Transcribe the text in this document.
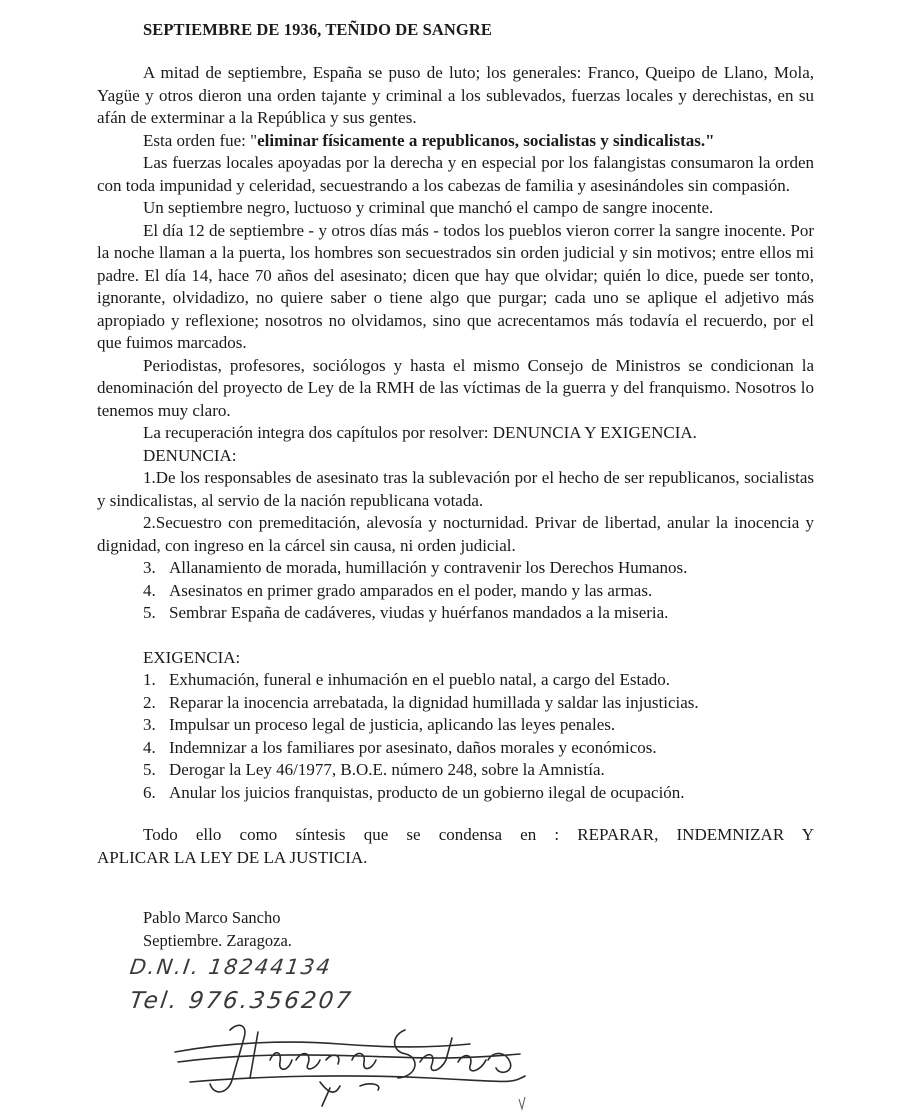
SEPTIEMBRE DE 1936, TEÑIDO DE SANGRE

A mitad de septiembre, España se puso de luto; los generales: Franco, Queipo de Llano, Mola, Yagüe y otros dieron una orden tajante y criminal a los sublevados, fuerzas locales y derechistas, en su afán de exterminar a la República y sus gentes.

Esta orden fue: "eliminar físicamente a republicanos, socialistas y sindicalistas."

Las fuerzas locales apoyadas por la derecha y en especial por los falangistas consumaron la orden con toda impunidad y celeridad, secuestrando a los cabezas de familia y asesinándoles sin compasión.

Un septiembre negro, luctuoso y criminal que manchó el campo de sangre inocente.

El día 12 de septiembre - y otros días más - todos los pueblos vieron correr la sangre inocente. Por la noche llaman a la puerta, los hombres son secuestrados sin orden judicial y sin motivos; entre ellos mi padre. El día 14, hace 70 años del asesinato; dicen que hay que olvidar; quién lo dice, puede ser tonto, ignorante, olvidadizo, no quiere saber o tiene algo que purgar; cada uno se aplique el adjetivo más apropiado y reflexione; nosotros no olvidamos, sino que acrecentamos más todavía el recuerdo, por el que fuimos marcados.

Periodistas, profesores, sociólogos y hasta el mismo Consejo de Ministros se condicionan la denominación del proyecto de Ley de la RMH de las víctimas de la guerra y del franquismo. Nosotros lo tenemos muy claro.

La recuperación integra dos capítulos por resolver: DENUNCIA Y EXIGENCIA.

DENUNCIA:

1.De los responsables de asesinato tras la sublevación por el hecho de ser republicanos, socialistas y sindicalistas, al servio de la nación republicana votada.

2.Secuestro con premeditación, alevosía y nocturnidad. Privar de libertad, anular la inocencia y dignidad, con ingreso en la cárcel sin causa, ni orden judicial.

3. Allanamiento de morada, humillación y contravenir los Derechos Humanos.

4. Asesinatos en primer grado amparados en el poder, mando y las armas.

5. Sembrar España de cadáveres, viudas y huérfanos mandados a la miseria.

EXIGENCIA:

1. Exhumación, funeral e inhumación en el pueblo natal, a cargo del Estado.

2. Reparar la inocencia arrebatada, la dignidad humillada y saldar las injusticias.

3. Impulsar un proceso legal de justicia, aplicando las leyes penales.

4. Indemnizar a los familiares por asesinato, daños morales y económicos.

5. Derogar la Ley 46/1977, B.O.E. número 248, sobre la Amnistía.

6. Anular los juicios franquistas, producto de un gobierno ilegal de ocupación.

Todo ello como síntesis que se condensa en : REPARAR, INDEMNIZAR Y

APLICAR LA LEY DE LA JUSTICIA.

Pablo Marco Sancho
Septiembre. Zaragoza.
D.N.I. 18244134
Tel. 976.356207
